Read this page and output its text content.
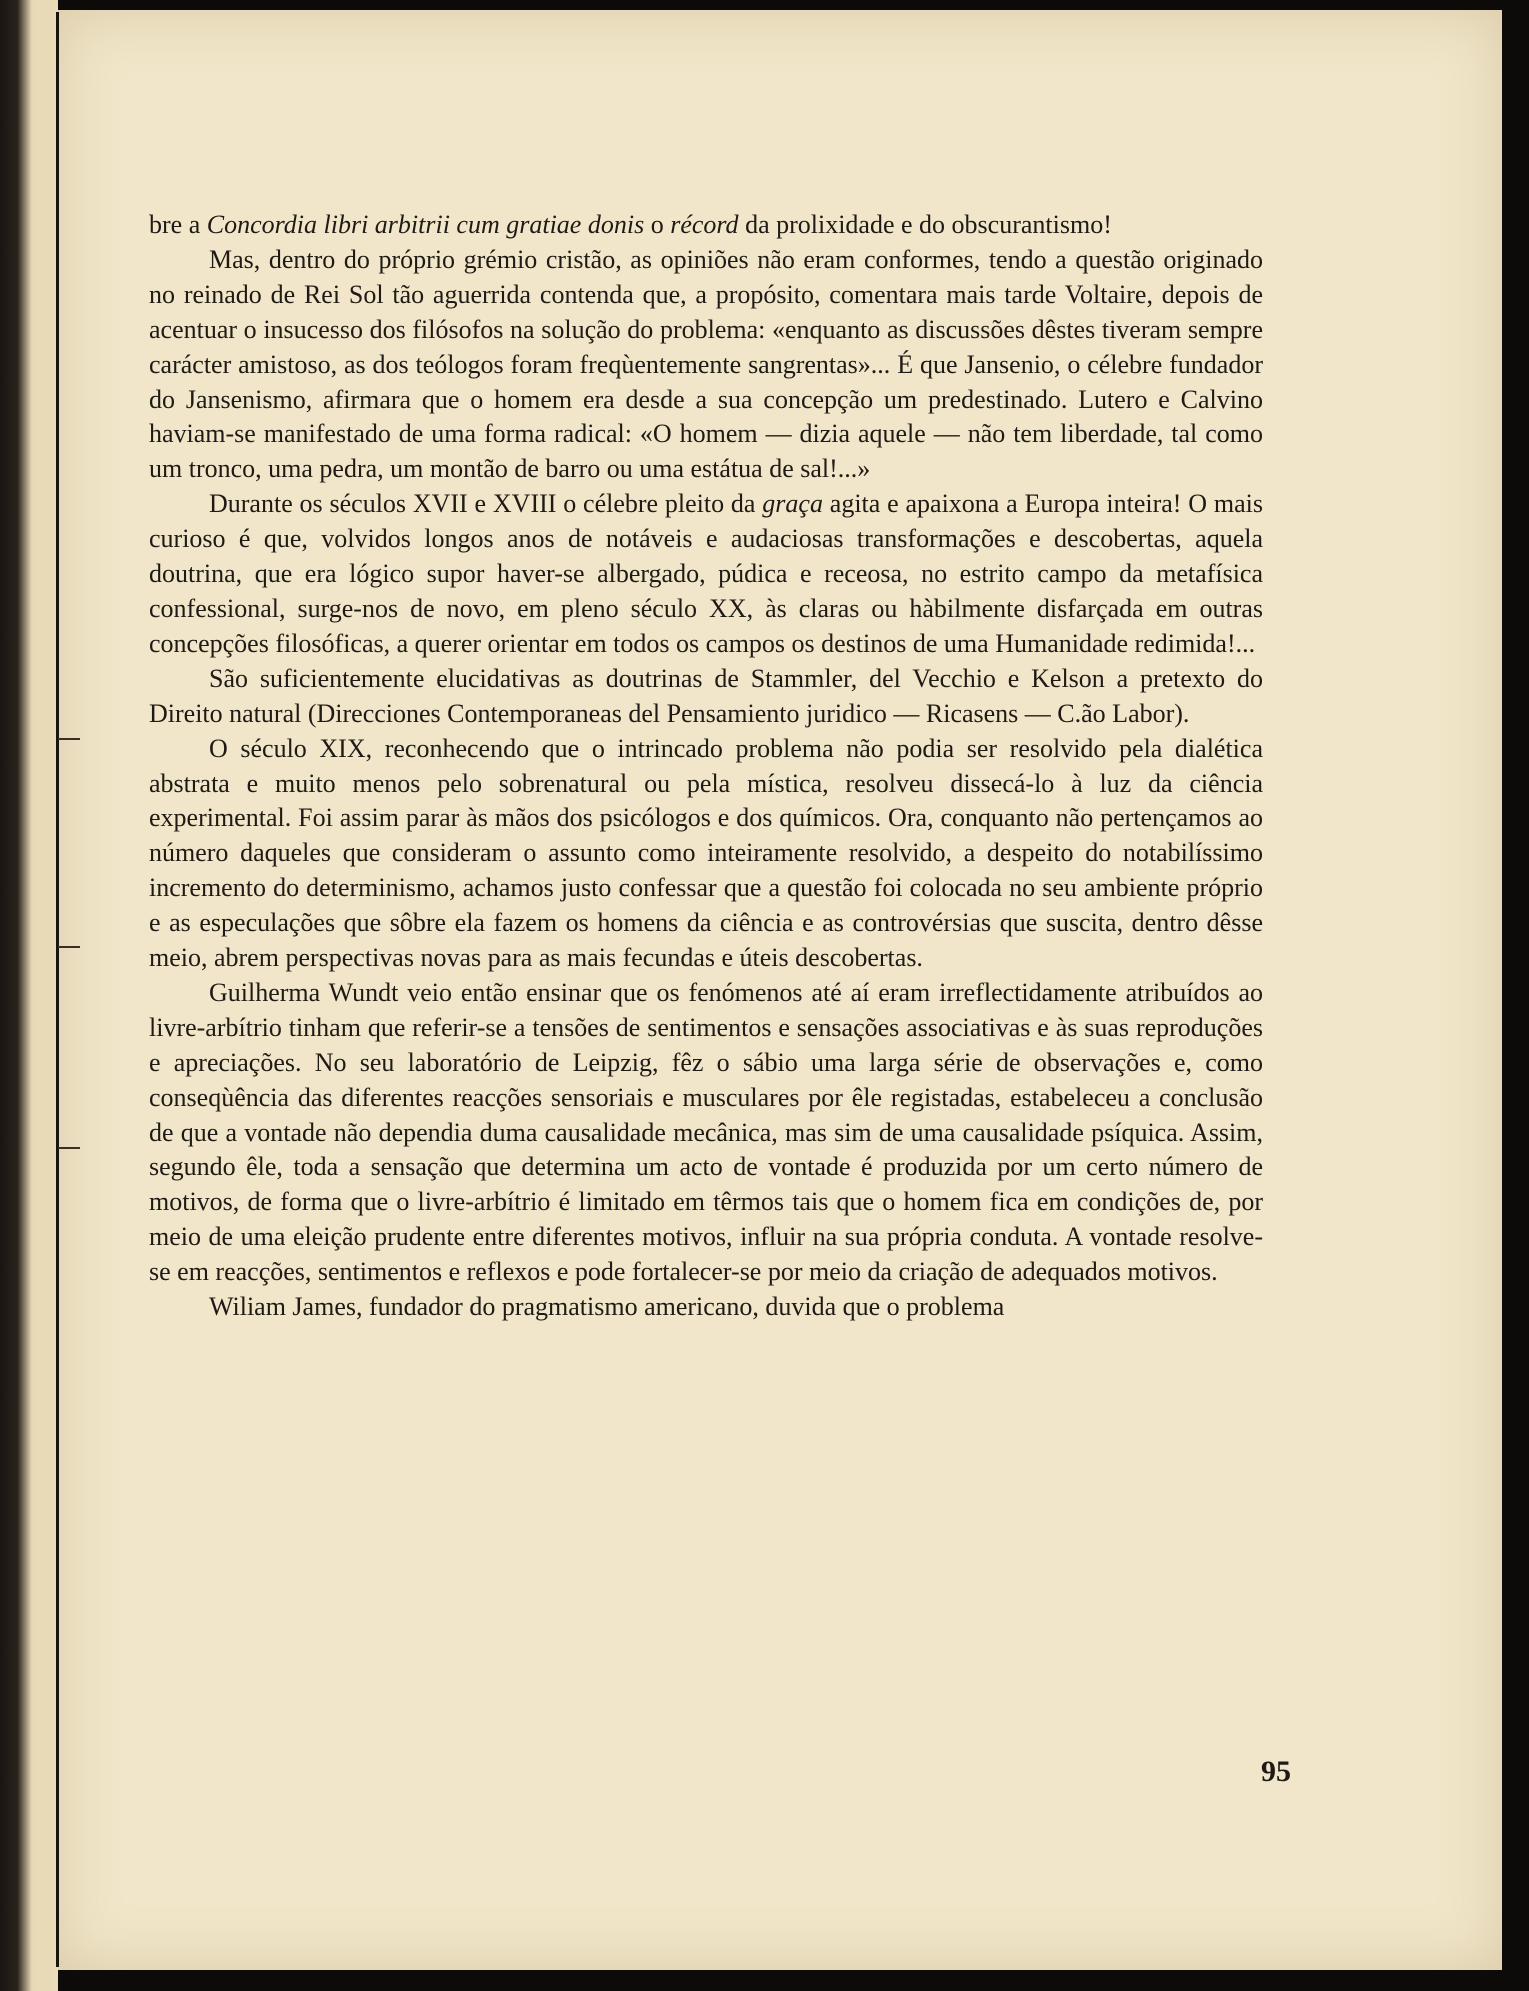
bre a Concordia libri arbitrii cum gratiae donis o récord da prolixidade e do obscurantismo!

Mas, dentro do próprio grémio cristão, as opiniões não eram conformes, tendo a questão originado no reinado de Rei Sol tão aguerrida contenda que, a propósito, comentara mais tarde Voltaire, depois de acentuar o insucesso dos filósofos na solução do problema: «enquanto as discussões dêstes tiveram sempre carácter amistoso, as dos teólogos foram freqùentemente sangrentas»... É que Jansenio, o célebre fundador do Jansenismo, afirmara que o homem era desde a sua concepção um predestinado. Lutero e Calvino haviam-se manifestado de uma forma radical: «O homem — dizia aquele — não tem liberdade, tal como um tronco, uma pedra, um montão de barro ou uma estátua de sal!...»

Durante os séculos XVII e XVIII o célebre pleito da graça agita e apaixona a Europa inteira! O mais curioso é que, volvidos longos anos de notáveis e audaciosas transformações e descobertas, aquela doutrina, que era lógico supor haver-se albergado, púdica e receosa, no estrito campo da metafísica confessional, surge-nos de novo, em pleno século XX, às claras ou hàbilmente disfarçada em outras concepções filosóficas, a querer orientar em todos os campos os destinos de uma Humanidade redimida!...

São suficientemente elucidativas as doutrinas de Stammler, del Vecchio e Kelson a pretexto do Direito natural (Direcciones Contemporaneas del Pensamiento juridico — Ricasens — C.ão Labor).

O século XIX, reconhecendo que o intrincado problema não podia ser resolvido pela dialética abstrata e muito menos pelo sobrenatural ou pela mística, resolveu dissecá-lo à luz da ciência experimental. Foi assim parar às mãos dos psicólogos e dos químicos. Ora, conquanto não pertençamos ao número daqueles que consideram o assunto como inteiramente resolvido, a despeito do notabilíssimo incremento do determinismo, achamos justo confessar que a questão foi colocada no seu ambiente próprio e as especulações que sôbre ela fazem os homens da ciência e as controvérsias que suscita, dentro dêsse meio, abrem perspectivas novas para as mais fecundas e úteis descobertas.

Guilherma Wundt veio então ensinar que os fenómenos até aí eram irreflectidamente atribuídos ao livre-arbítrio tinham que referir-se a tensões de sentimentos e sensações associativas e às suas reproduções e apreciações. No seu laboratório de Leipzig, fêz o sábio uma larga série de observações e, como conseqùência das diferentes reacções sensoriais e musculares por êle registadas, estabeleceu a conclusão de que a vontade não dependia duma causalidade mecânica, mas sim de uma causalidade psíquica. Assim, segundo êle, toda a sensação que determina um acto de vontade é produzida por um certo número de motivos, de forma que o livre-arbítrio é limitado em têrmos tais que o homem fica em condições de, por meio de uma eleição prudente entre diferentes motivos, influir na sua própria conduta. A vontade resolve-se em reacções, sentimentos e reflexos e pode fortalecer-se por meio da criação de adequados motivos.

Wiliam James, fundador do pragmatismo americano, duvida que o problema

95
